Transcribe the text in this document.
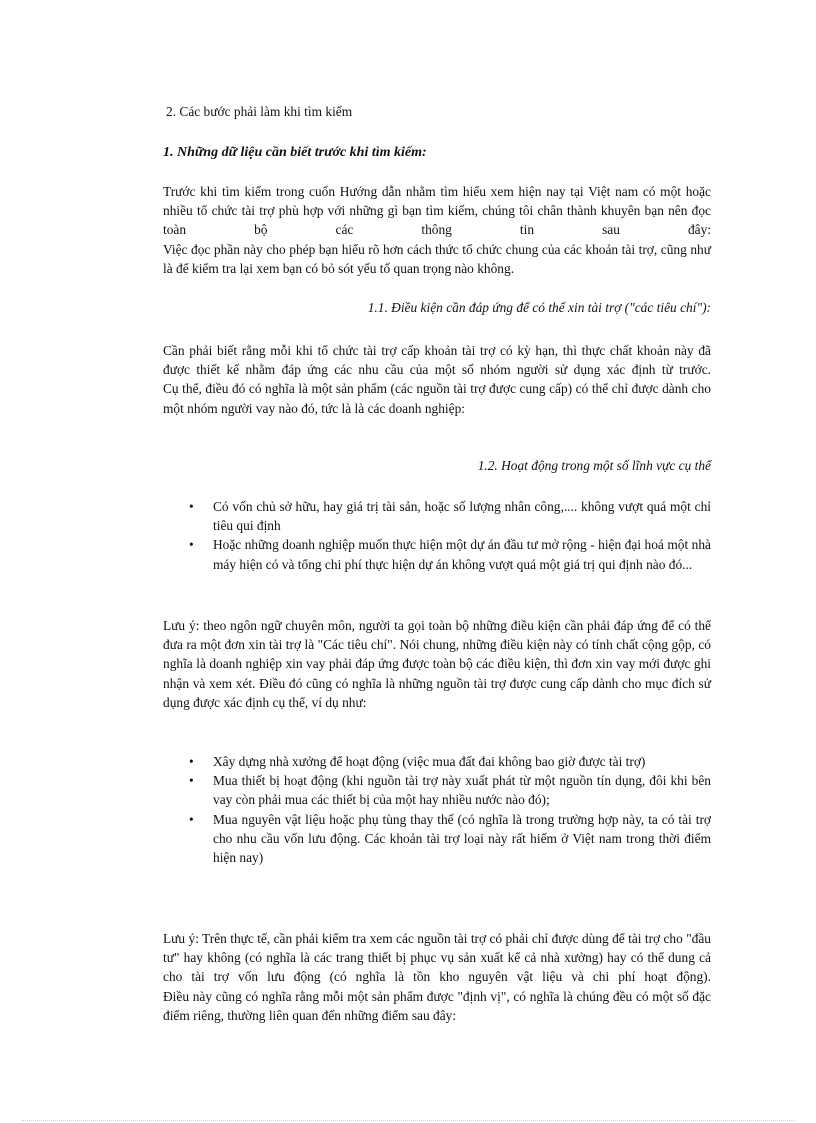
2. Các bước phải làm khi tìm kiếm

1. Những dữ liệu cần biết trước khi tìm kiếm:

Trước khi tìm kiếm trong cuốn Hướng dẫn nhằm tìm hiểu xem hiện nay tại Việt nam có một hoặc nhiều tổ chức tài trợ phù hợp với những gì bạn tìm kiếm, chúng tôi chân thành khuyên bạn nên đọc toàn bộ các thông tin sau đây:

Việc đọc phần này cho phép bạn hiểu rõ hơn cách thức tổ chức chung của các khoản tài trợ, cũng như là để kiểm tra lại xem bạn có bỏ sót yếu tố quan trọng nào không.

1.1. Điều kiện cần đáp ứng để có thể xin tài trợ ("các tiêu chí"):

Cần phải biết rằng mỗi khi tổ chức tài trợ cấp khoản tài trợ có kỳ hạn, thì thực chất khoản này đã được thiết kế nhằm đáp ứng các nhu cầu của một số nhóm người sử dụng xác định từ trước.

Cụ thể, điều đó có nghĩa là một sản phẩm (các nguồn tài trợ được cung cấp) có thể chỉ được dành cho một nhóm người vay nào đó, tức là là các doanh nghiệp:

1.2. Hoạt động trong một số lĩnh vực cụ thể

• Có vốn chủ sở hữu, hay giá trị tài sản, hoặc số lượng nhân công,.... không vượt quá một chỉ tiêu qui định
• Hoặc những doanh nghiệp muốn thực hiện một dự án đầu tư mở rộng - hiện đại hoá một nhà máy hiện có và tổng chi phí thực hiện dự án không vượt quá một giá trị qui định nào đó...

Lưu ý: theo ngôn ngữ chuyên môn, người ta gọi toàn bộ những điều kiện cần phải đáp ứng để có thể đưa ra một đơn xin tài trợ là "Các tiêu chí". Nói chung, những điều kiện này có tính chất cộng gộp, có nghĩa là doanh nghiệp xin vay phải đáp ứng được toàn bộ các điều kiện, thì đơn xin vay mới được ghi nhận và xem xét. Điều đó cũng có nghĩa là những nguồn tài trợ được cung cấp dành cho mục đích sử dụng được xác định cụ thể, ví dụ như:

• Xây dựng nhà xưởng để hoạt động (việc mua đất đai không bao giờ được tài trợ)
• Mua thiết bị hoạt động (khi nguồn tài trợ này xuất phát từ một nguồn tín dụng, đôi khi bên vay còn phải mua các thiết bị của một hay nhiều nước nào đó);
• Mua nguyên vật liệu hoặc phụ tùng thay thế (có nghĩa là trong trường hợp này, ta có tài trợ cho nhu cầu vốn lưu động. Các khoản tài trợ loại này rất hiếm ở Việt nam trong thời điểm hiện nay)

Lưu ý: Trên thực tế, cần phải kiểm tra xem các nguồn tài trợ có phải chỉ được dùng để tài trợ cho "đầu tư" hay không (có nghĩa là các trang thiết bị phục vụ sản xuất kể cả nhà xưởng) hay có thể dung cả cho tài trợ vốn lưu động (có nghĩa là tồn kho nguyên vật liệu và chi phí hoạt động).

Điều này cũng có nghĩa rằng mỗi một sản phẩm được "định vị", có nghĩa là chúng đều có một số đặc điểm riêng, thường liên quan đến những điểm sau đây:
